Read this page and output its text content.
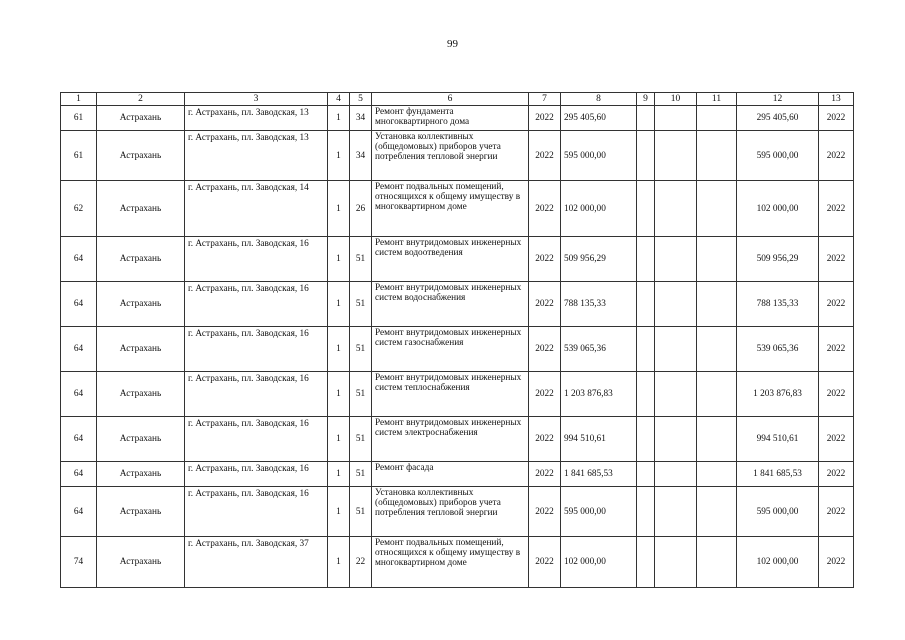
99
1	2	3	4	5	6	7	8	9	10	11	12	13
61	Астрахань	г. Астрахань, пл. Заводская, 13	1	34	Ремонт фундамента многоквартирного дома	2022	295 405,60				295 405,60	2022
61	Астрахань	г. Астрахань, пл. Заводская, 13	1	34	Установка коллективных (общедомовых) приборов учета потребления тепловой энергии	2022	595 000,00				595 000,00	2022
62	Астрахань	г. Астрахань, пл. Заводская, 14	1	26	Ремонт подвальных помещений, относящихся к общему имуществу в многоквартирном доме	2022	102 000,00				102 000,00	2022
64	Астрахань	г. Астрахань, пл. Заводская, 16	1	51	Ремонт внутридомовых инженерных систем водоотведения	2022	509 956,29				509 956,29	2022
64	Астрахань	г. Астрахань, пл. Заводская, 16	1	51	Ремонт внутридомовых инженерных систем водоснабжения	2022	788 135,33				788 135,33	2022
64	Астрахань	г. Астрахань, пл. Заводская, 16	1	51	Ремонт внутридомовых инженерных систем газоснабжения	2022	539 065,36				539 065,36	2022
64	Астрахань	г. Астрахань, пл. Заводская, 16	1	51	Ремонт внутридомовых инженерных систем теплоснабжения	2022	1 203 876,83				1 203 876,83	2022
64	Астрахань	г. Астрахань, пл. Заводская, 16	1	51	Ремонт внутридомовых инженерных систем электроснабжения	2022	994 510,61				994 510,61	2022
64	Астрахань	г. Астрахань, пл. Заводская, 16	1	51	Ремонт фасада	2022	1 841 685,53				1 841 685,53	2022
64	Астрахань	г. Астрахань, пл. Заводская, 16	1	51	Установка коллективных (общедомовых) приборов учета потребления тепловой энергии	2022	595 000,00				595 000,00	2022
74	Астрахань	г. Астрахань, пл. Заводская, 37	1	22	Ремонт подвальных помещений, относящихся к общему имуществу в многоквартирном доме	2022	102 000,00				102 000,00	2022
